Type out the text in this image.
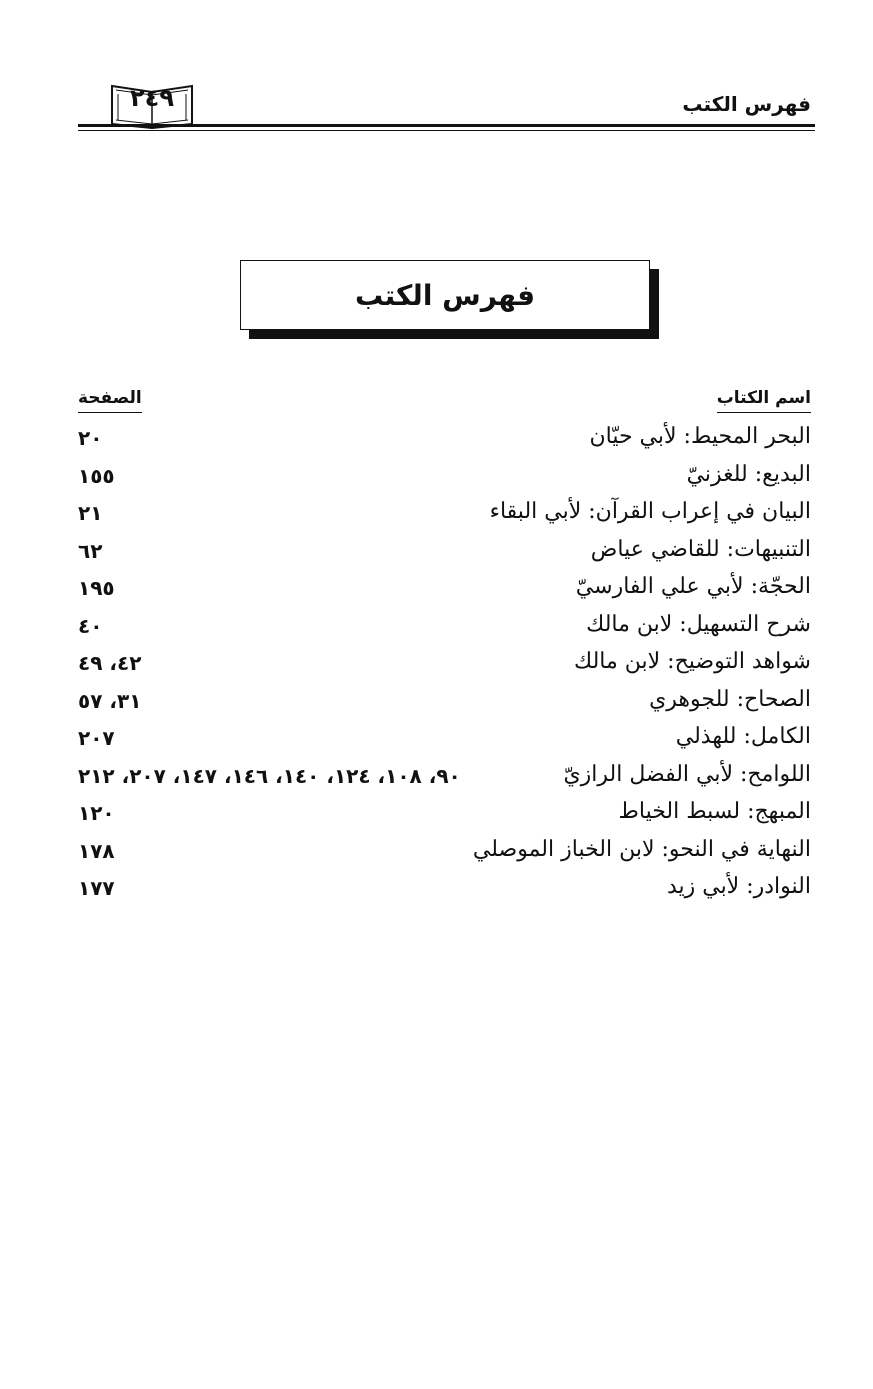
فهرس الكتب
٢٤٩
فهرس الكتب
اسم الكتاب
الصفحة
البحر المحيط: لأبي حيّان
٢٠
البديع: للغزنيّ
١٥٥
البيان في إعراب القرآن: لأبي البقاء
٢١
التنبيهات: للقاضي عياض
٦٢
الحجّة: لأبي علي الفارسيّ
١٩٥
شرح التسهيل: لابن مالك
٤٠
شواهد التوضيح: لابن مالك
٤٢، ٤٩
الصحاح: للجوهري
٣١، ٥٧
الكامل: للهذلي
٢٠٧
اللوامح: لأبي الفضل الرازيّ
٩٠، ١٠٨، ١٢٤، ١٤٠، ١٤٦، ١٤٧، ٢٠٧، ٢١٢
المبهج: لسبط الخياط
١٢٠
النهاية في النحو: لابن الخباز الموصلي
١٧٨
النوادر: لأبي زيد
١٧٧
